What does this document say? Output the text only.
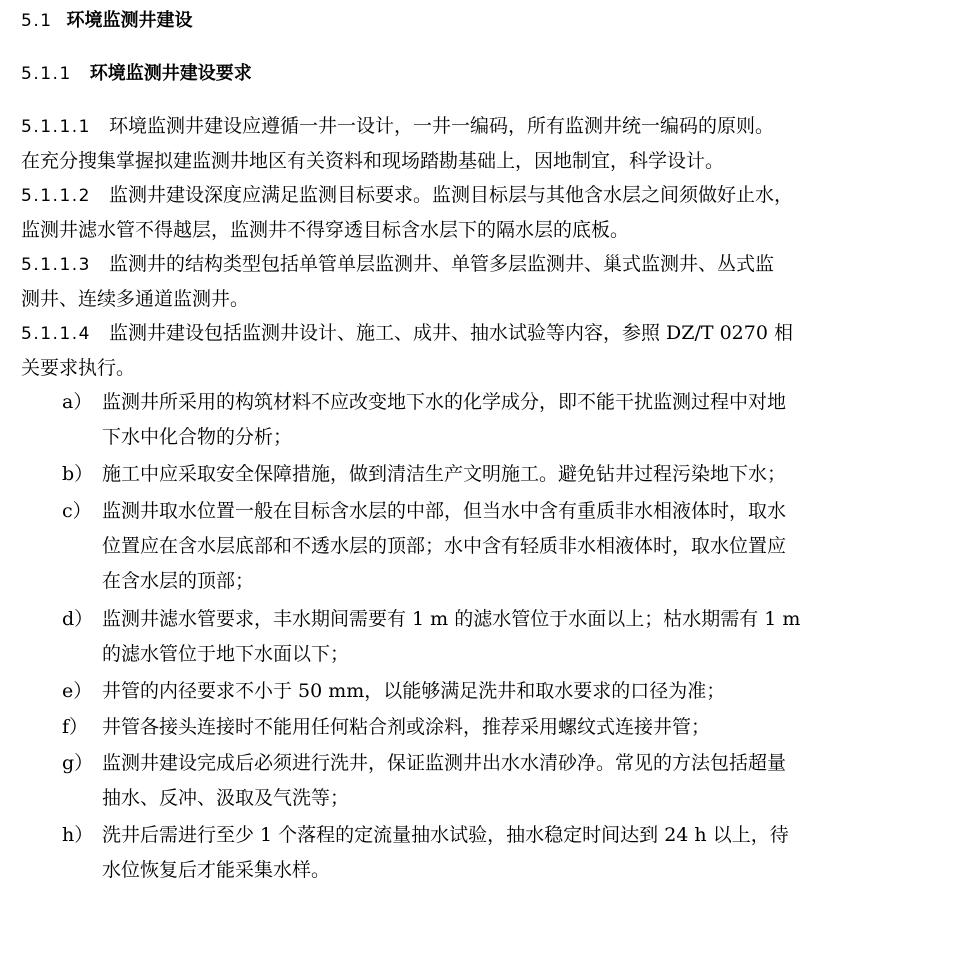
5.1 环境监测井建设
5.1.1 环境监测井建设要求
5.1.1.1 环境监测井建设应遵循一井一设计，一井一编码，所有监测井统一编码的原则。
在充分搜集掌握拟建监测井地区有关资料和现场踏勘基础上，因地制宜，科学设计。
5.1.1.2 监测井建设深度应满足监测目标要求。监测目标层与其他含水层之间须做好止水，
监测井滤水管不得越层，监测井不得穿透目标含水层下的隔水层的底板。
5.1.1.3 监测井的结构类型包括单管单层监测井、单管多层监测井、巢式监测井、丛式监
测井、连续多通道监测井。
5.1.1.4 监测井建设包括监测井设计、施工、成井、抽水试验等内容，参照 DZ/T 0270 相
关要求执行。
a） 监测井所采用的构筑材料不应改变地下水的化学成分，即不能干扰监测过程中对地
下水中化合物的分析；
b） 施工中应采取安全保障措施，做到清洁生产文明施工。避免钻井过程污染地下水；
c） 监测井取水位置一般在目标含水层的中部，但当水中含有重质非水相液体时，取水
位置应在含水层底部和不透水层的顶部；水中含有轻质非水相液体时，取水位置应
在含水层的顶部；
d） 监测井滤水管要求，丰水期间需要有 1 m 的滤水管位于水面以上；枯水期需有 1 m
的滤水管位于地下水面以下；
e） 井管的内径要求不小于 50 mm，以能够满足洗井和取水要求的口径为准；
f） 井管各接头连接时不能用任何粘合剂或涂料，推荐采用螺纹式连接井管；
g） 监测井建设完成后必须进行洗井，保证监测井出水水清砂净。常见的方法包括超量
抽水、反冲、汲取及气洗等；
h） 洗井后需进行至少 1 个落程的定流量抽水试验，抽水稳定时间达到 24 h 以上，待
水位恢复后才能采集水样。
